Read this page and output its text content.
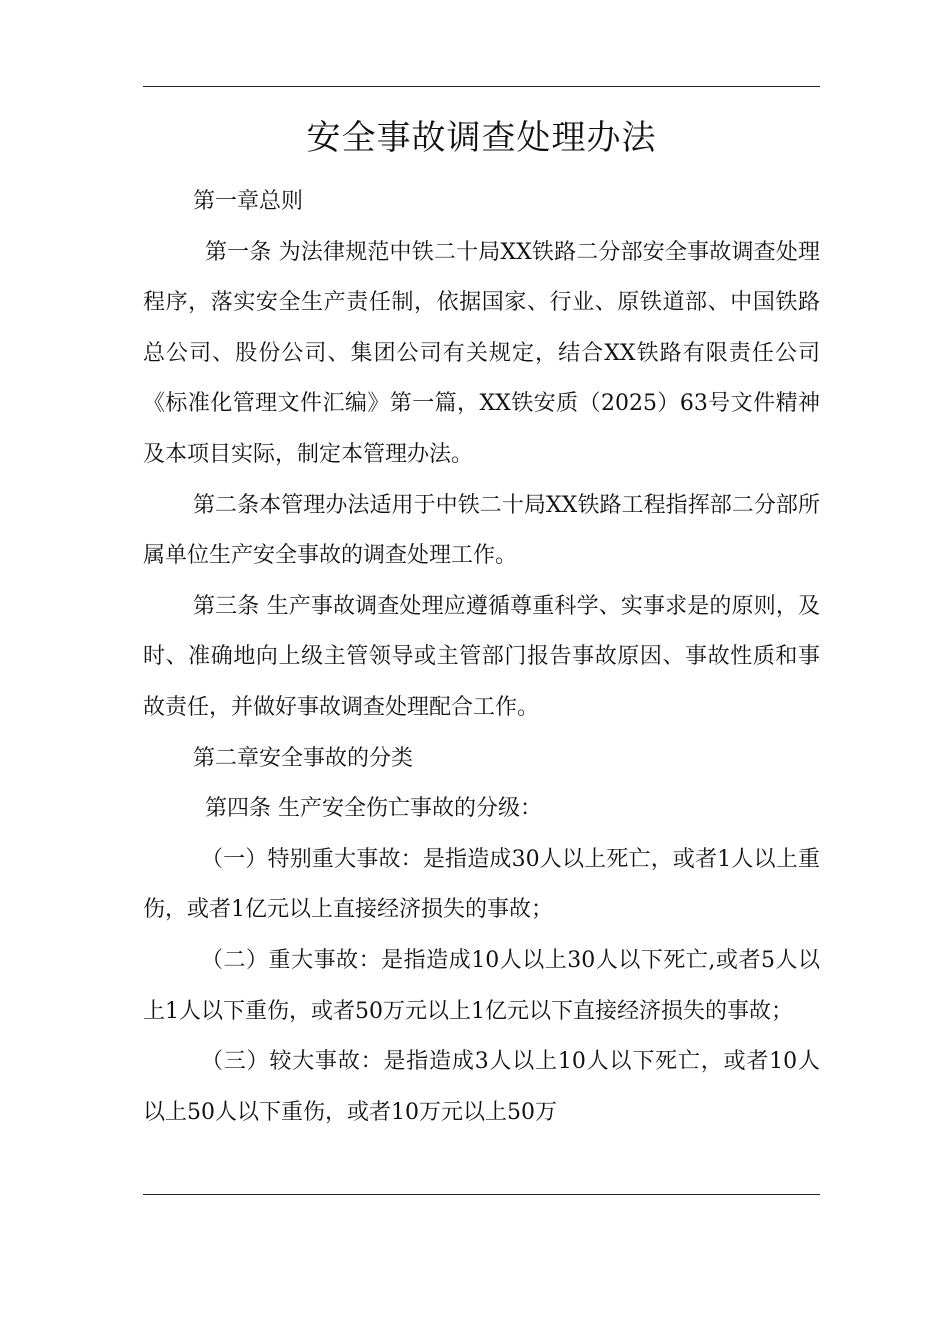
安全事故调查处理办法

第一章总则

第一条 为法律规范中铁二十局XX铁路二分部安全事故调查处理程序，落实安全生产责任制，依据国家、行业、原铁道部、中国铁路总公司、股份公司、集团公司有关规定，结合XX铁路有限责任公司《标准化管理文件汇编》第一篇，XX铁安质（2025）63号文件精神及本项目实际，制定本管理办法。

第二条本管理办法适用于中铁二十局XX铁路工程指挥部二分部所属单位生产安全事故的调查处理工作。

第三条 生产事故调查处理应遵循尊重科学、实事求是的原则，及时、准确地向上级主管领导或主管部门报告事故原因、事故性质和事故责任，并做好事故调查处理配合工作。

第二章安全事故的分类

第四条 生产安全伤亡事故的分级：

（一）特别重大事故：是指造成30人以上死亡，或者1人以上重伤，或者1亿元以上直接经济损失的事故；

（二）重大事故：是指造成10人以上30人以下死亡,或者5人以上1人以下重伤，或者50万元以上1亿元以下直接经济损失的事故；

（三）较大事故：是指造成3人以上10人以下死亡，或者10人以上50人以下重伤，或者10万元以上50万
